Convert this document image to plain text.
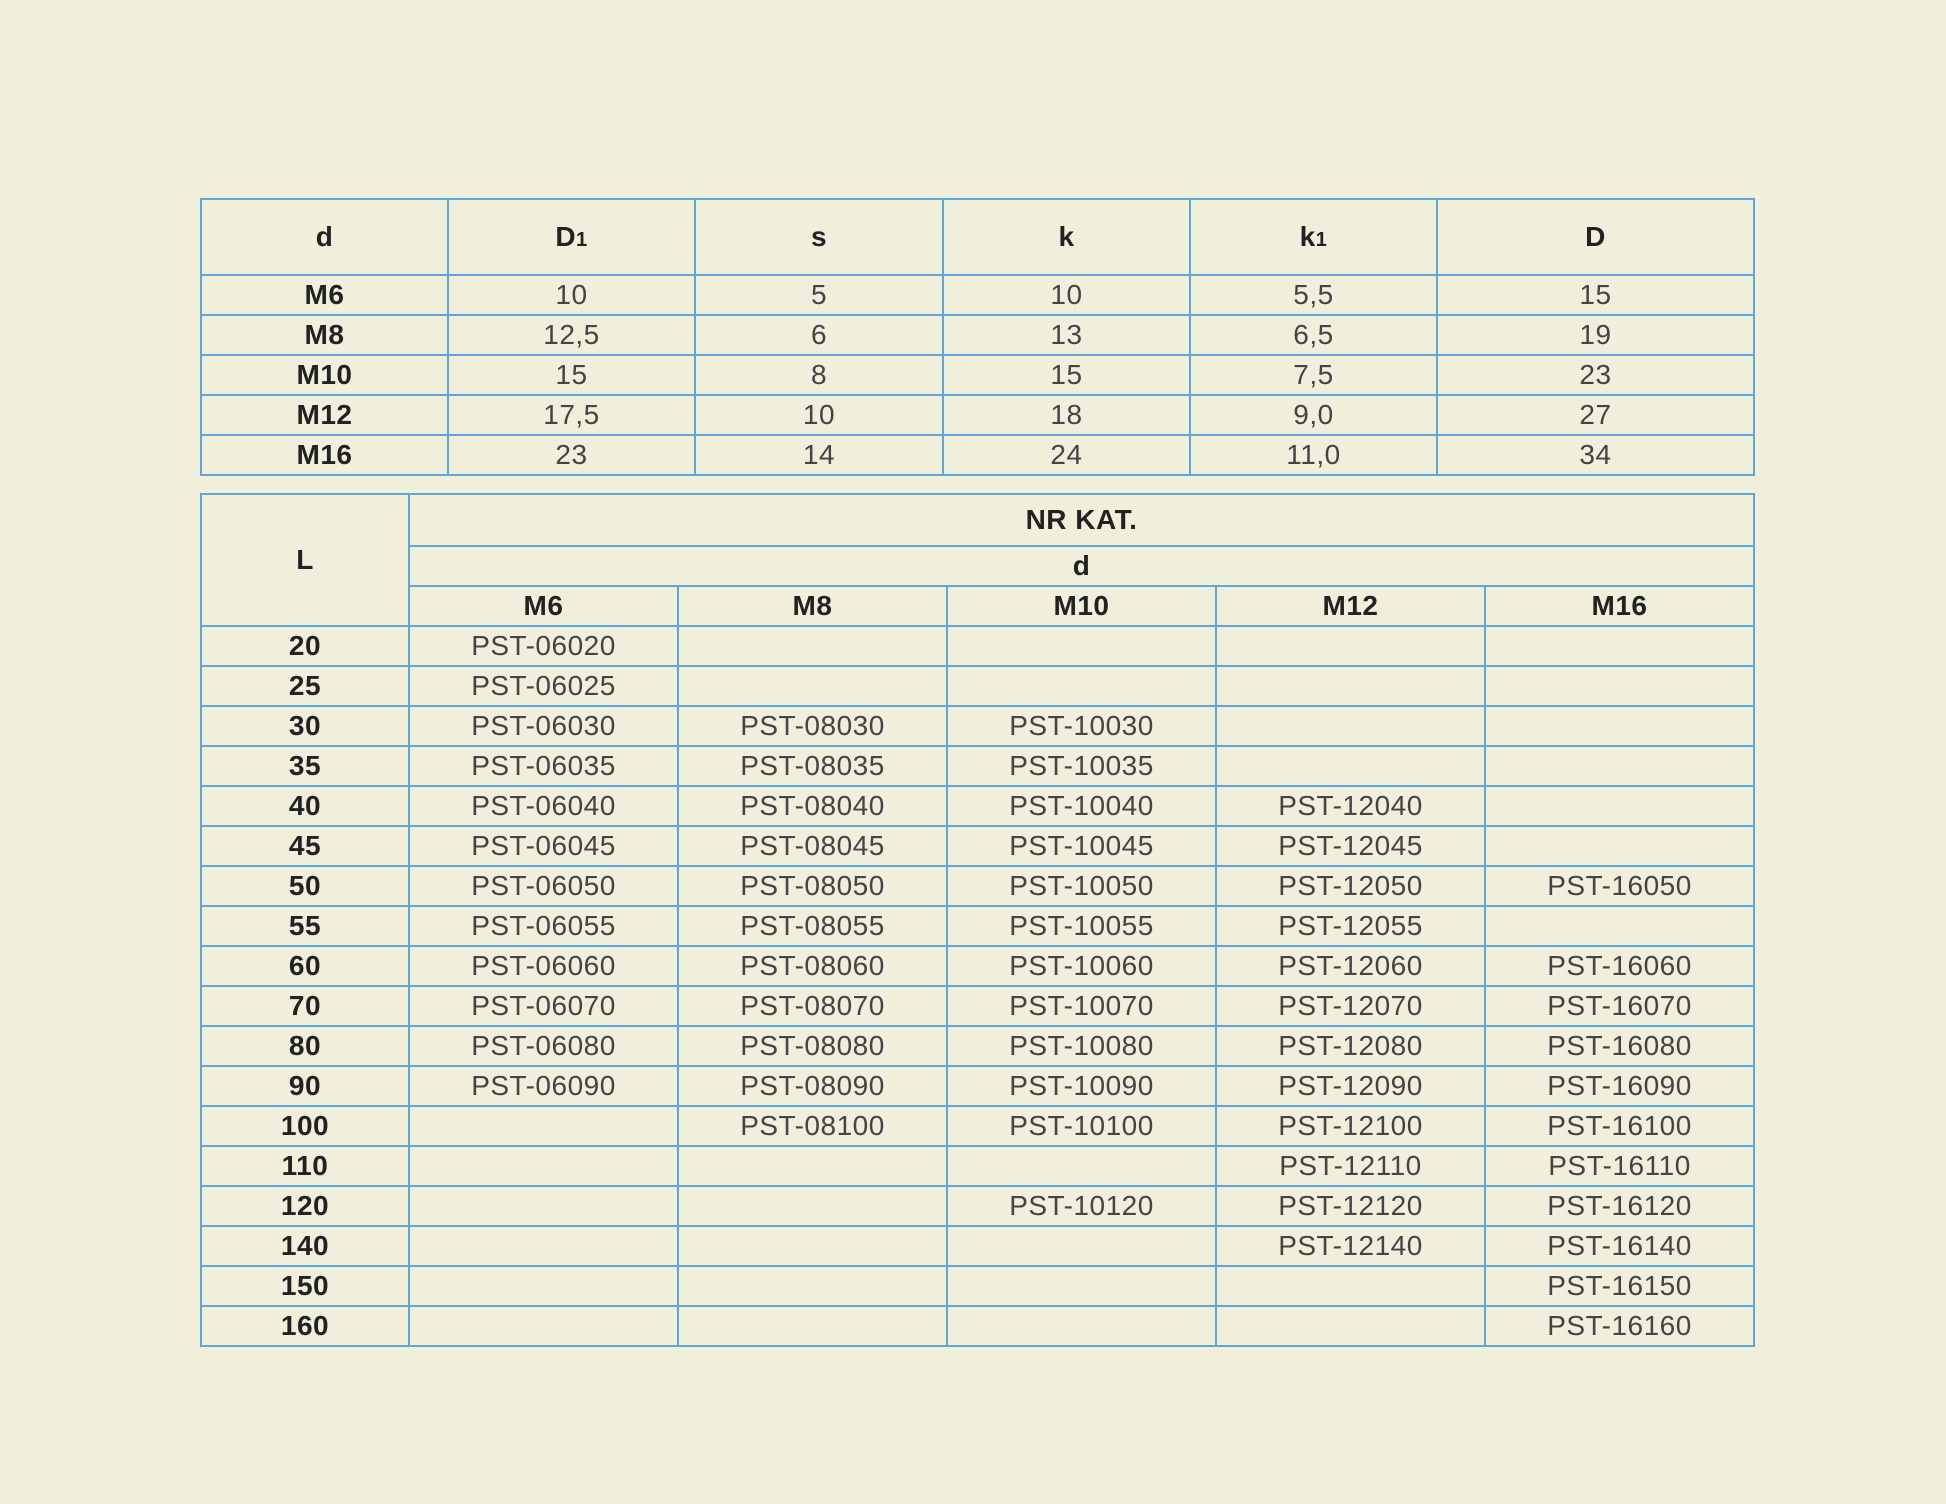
d	D1	s	k	k1	D
M6	10	5	10	5,5	15
M8	12,5	6	13	6,5	19
M10	15	8	15	7,5	23
M12	17,5	10	18	9,0	27
M16	23	14	24	11,0	34
L	NR KAT.				
	d				
	M6	M8	M10	M12	M16
20	PST-06020				
25	PST-06025				
30	PST-06030	PST-08030	PST-10030		
35	PST-06035	PST-08035	PST-10035		
40	PST-06040	PST-08040	PST-10040	PST-12040	
45	PST-06045	PST-08045	PST-10045	PST-12045	
50	PST-06050	PST-08050	PST-10050	PST-12050	PST-16050
55	PST-06055	PST-08055	PST-10055	PST-12055	
60	PST-06060	PST-08060	PST-10060	PST-12060	PST-16060
70	PST-06070	PST-08070	PST-10070	PST-12070	PST-16070
80	PST-06080	PST-08080	PST-10080	PST-12080	PST-16080
90	PST-06090	PST-08090	PST-10090	PST-12090	PST-16090
100		PST-08100	PST-10100	PST-12100	PST-16100
110				PST-12110	PST-16110
120			PST-10120	PST-12120	PST-16120
140				PST-12140	PST-16140
150					PST-16150
160					PST-16160
